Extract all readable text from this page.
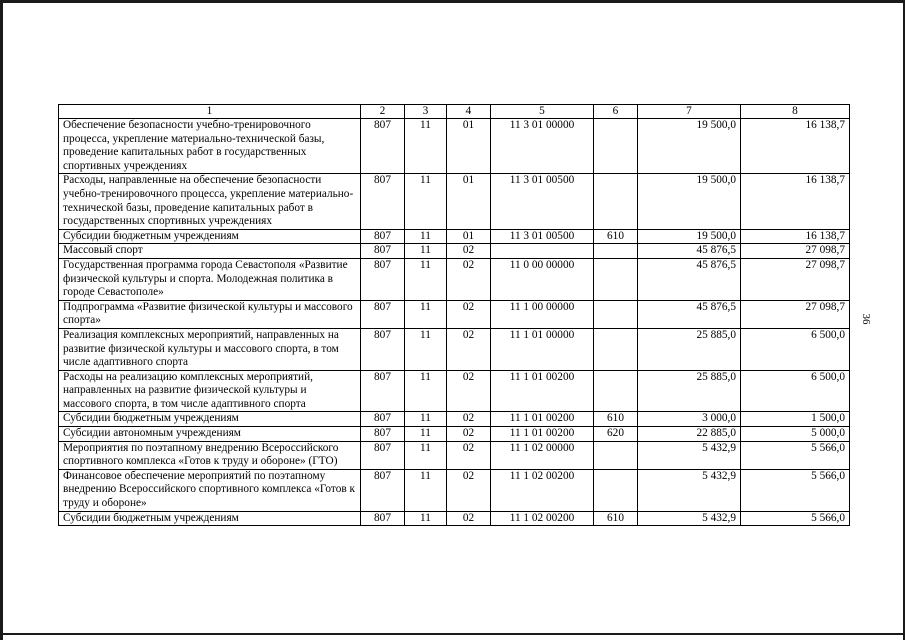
36
1	2	3	4	5	6	7	8
Обеспечение безопасности учебно-тренировочного процесса, укрепление материально-технической базы, проведение капитальных работ в государственных спортивных учреждениях	807	11	01	11 3 01 00000		19 500,0	16 138,7
Расходы, направленные на обеспечение безопасности учебно-тренировочного процесса, укрепление материально-технической базы, проведение капитальных работ в государственных спортивных учреждениях	807	11	01	11 3 01 00500		19 500,0	16 138,7
Субсидии бюджетным учреждениям	807	11	01	11 3 01 00500	610	19 500,0	16 138,7
Массовый спорт	807	11	02			45 876,5	27 098,7
Государственная программа города Севастополя «Развитие физической культуры и спорта. Молодежная политика в городе Севастополе»	807	11	02	11 0 00 00000		45 876,5	27 098,7
Подпрограмма «Развитие физической культуры и массового спорта»	807	11	02	11 1 00 00000		45 876,5	27 098,7
Реализация комплексных мероприятий, направленных на развитие физической культуры и массового спорта, в том числе адаптивного спорта	807	11	02	11 1 01 00000		25 885,0	6 500,0
Расходы на реализацию комплексных мероприятий, направленных на развитие физической культуры и массового спорта, в том числе адаптивного спорта	807	11	02	11 1 01 00200		25 885,0	6 500,0
Субсидии бюджетным учреждениям	807	11	02	11 1 01 00200	610	3 000,0	1 500,0
Субсидии автономным учреждениям	807	11	02	11 1 01 00200	620	22 885,0	5 000,0
Мероприятия по поэтапному внедрению Всероссийского спортивного комплекса «Готов к труду и обороне» (ГТО)	807	11	02	11 1 02 00000		5 432,9	5 566,0
Финансовое обеспечение мероприятий по поэтапному внедрению Всероссийского спортивного комплекса «Готов к труду и обороне»	807	11	02	11 1 02 00200		5 432,9	5 566,0
Субсидии бюджетным учреждениям	807	11	02	11 1 02 00200	610	5 432,9	5 566,0
